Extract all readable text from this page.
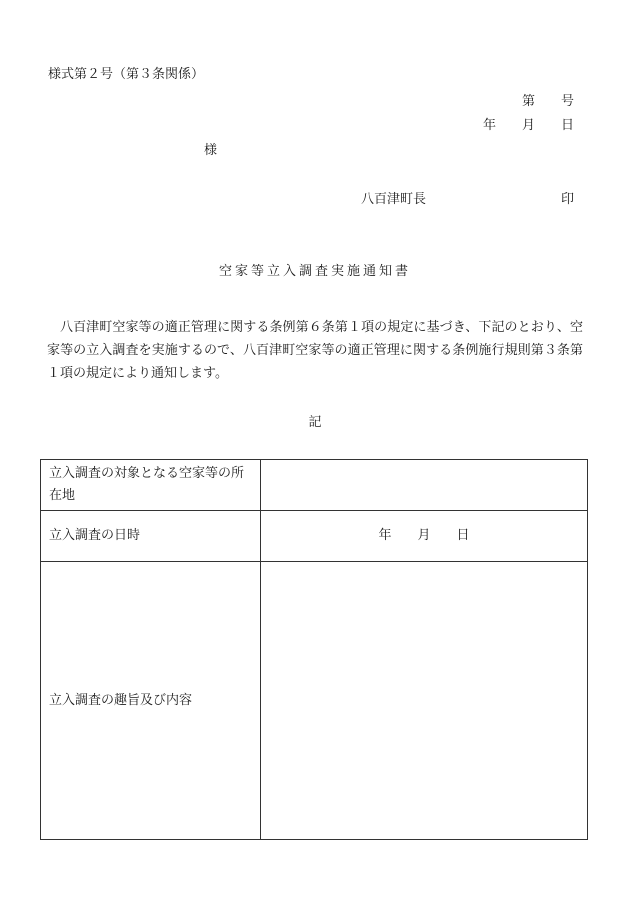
様式第２号（第３条関係）
第 号
年 月 日
様
八百津町長	印
空家等立入調査実施通知書
八百津町空家等の適正管理に関する条例第６条第１項の規定に基づき、下記のとおり、空家等の立入調査を実施するので、八百津町空家等の適正管理に関する条例施行規則第３条第１項の規定により通知します。
記
立入調査の対象となる空家等の所在地	
立入調査の日時	年 月 日
立入調査の趣旨及び内容	
